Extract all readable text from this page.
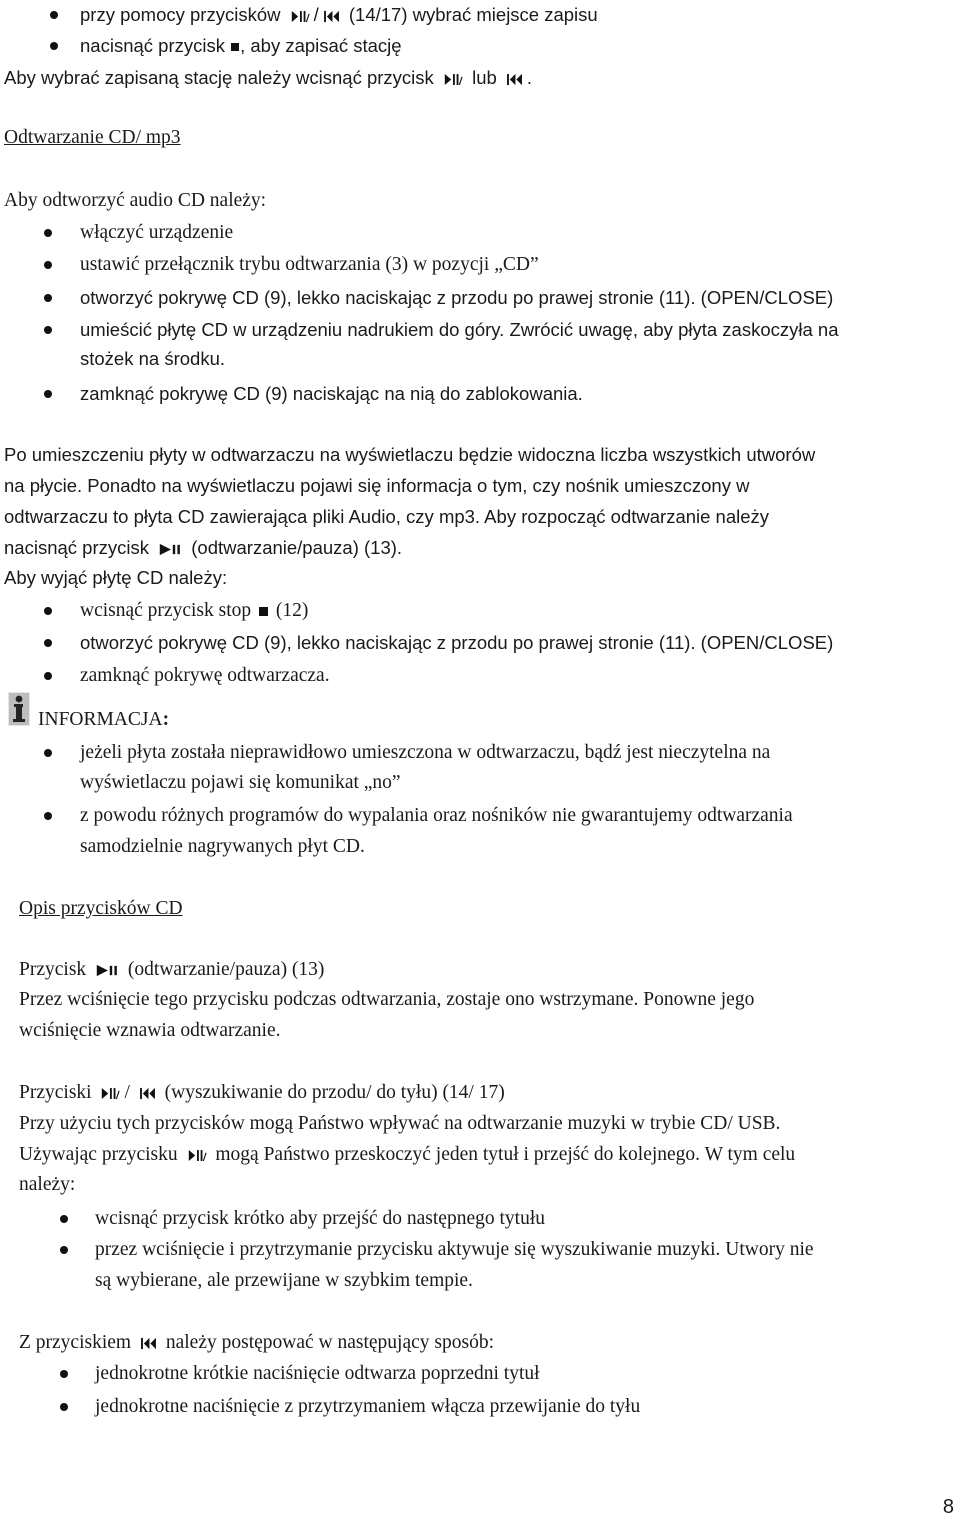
przy pomocy przycisków / (14/17) wybrać miejsce zapisu
nacisnąć przycisk , aby zapisać stację
Aby wybrać zapisaną stację należy wcisnąć przycisk lub .
Odtwarzanie CD/ mp3
Aby odtworzyć audio CD należy:
włączyć urządzenie
ustawić przełącznik trybu odtwarzania (3) w pozycji „CD”
otworzyć pokrywę CD (9), lekko naciskając z przodu po prawej stronie (11). (OPEN/CLOSE)
umieścić płytę CD w urządzeniu nadrukiem do góry. Zwrócić uwagę, aby płyta zaskoczyła na
stożek na środku.
zamknąć pokrywę CD (9) naciskając na nią do zablokowania.
Po umieszczeniu płyty w odtwarzaczu na wyświetlaczu będzie widoczna liczba wszystkich utworów
na płycie. Ponadto na wyświetlaczu pojawi się informacja o tym, czy nośnik umieszczony w
odtwarzaczu to płyta CD zawierająca pliki Audio, czy mp3. Aby rozpocząć odtwarzanie należy
nacisnąć przycisk (odtwarzanie/pauza) (13).
Aby wyjąć płytę CD należy:
wcisnąć przycisk stop (12)
otworzyć pokrywę CD (9), lekko naciskając z przodu po prawej stronie (11). (OPEN/CLOSE)
zamknąć pokrywę odtwarzacza.
INFORMACJA:
jeżeli płyta została nieprawidłowo umieszczona w odtwarzaczu, bądź jest nieczytelna na
wyświetlaczu pojawi się komunikat „no”
z powodu różnych programów do wypalania oraz nośników nie gwarantujemy odtwarzania
samodzielnie nagrywanych płyt CD.
Opis przycisków CD
Przycisk (odtwarzanie/pauza) (13)
Przez wciśnięcie tego przycisku podczas odtwarzania, zostaje ono wstrzymane. Ponowne jego
wciśnięcie wznawia odtwarzanie.
Przyciski / (wyszukiwanie do przodu/ do tyłu) (14/ 17)
Przy użyciu tych przycisków mogą Państwo wpływać na odtwarzanie muzyki w trybie CD/ USB.
Używając przycisku mogą Państwo przeskoczyć jeden tytuł i przejść do kolejnego. W tym celu
należy:
wcisnąć przycisk krótko aby przejść do następnego tytułu
przez wciśnięcie i przytrzymanie przycisku aktywuje się wyszukiwanie muzyki. Utwory nie
są wybierane, ale przewijane w szybkim tempie.
Z przyciskiem należy postępować w następujący sposób:
jednokrotne krótkie naciśnięcie odtwarza poprzedni tytuł
jednokrotne naciśnięcie z przytrzymaniem włącza przewijanie do tyłu
8
